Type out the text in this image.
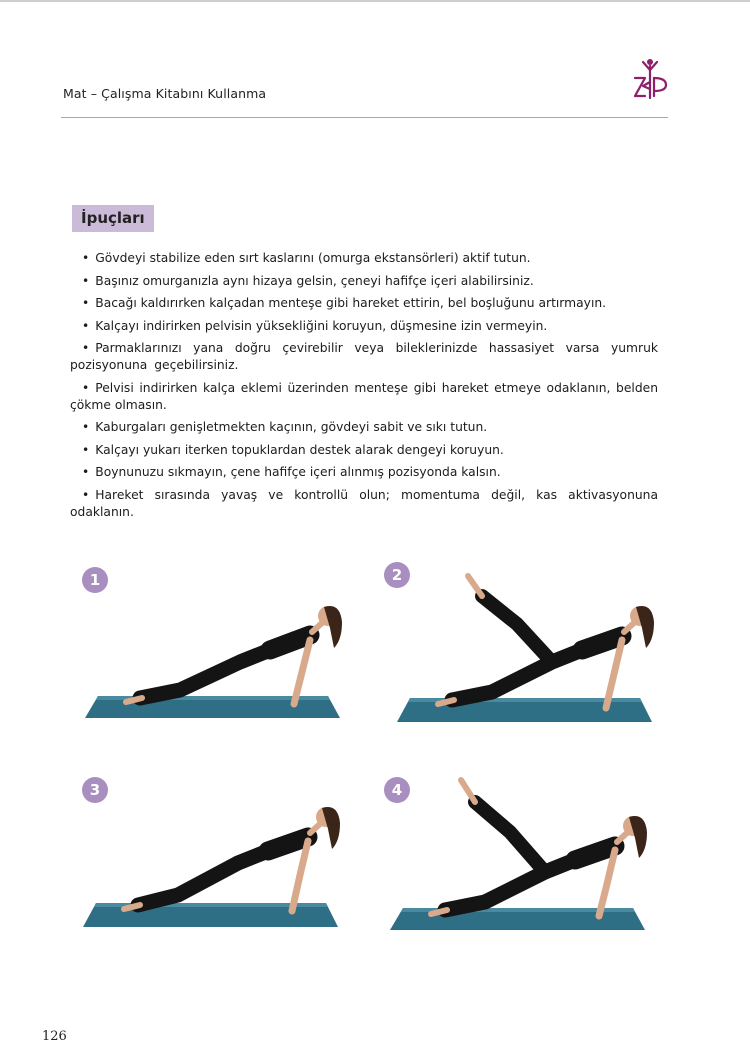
Mat – Çalışma Kitabını Kullanma
İpuçları
• Gövdeyi stabilize eden sırt kaslarını (omurga ekstansörleri) aktif tutun.
• Başınız omurganızla aynı hizaya gelsin, çeneyi hafifçe içeri alabilirsiniz.
• Bacağı kaldırırken kalçadan menteşe gibi hareket ettirin, bel boşluğunu artırmayın.
• Kalçayı indirirken pelvisin yüksekliğini koruyun, düşmesine izin vermeyin.
• Parmaklarınızı yana doğru çevirebilir veya bileklerinizde hassasiyet varsa yumruk pozisyonuna geçebilirsiniz.
• Pelvisi indirirken kalça eklemi üzerinden menteşe gibi hareket etmeye odaklanın, belden çökme olmasın.
• Kaburgaları genişletmekten kaçının, gövdeyi sabit ve sıkı tutun.
• Kalçayı yukarı iterken topuklardan destek alarak dengeyi koruyun.
• Boynunuzu sıkmayın, çene hafifçe içeri alınmış pozisyonda kalsın.
• Hareket sırasında yavaş ve kontrollü olun; momentuma değil, kas aktivasyonuna odaklanın.
1	2
3	4
126
